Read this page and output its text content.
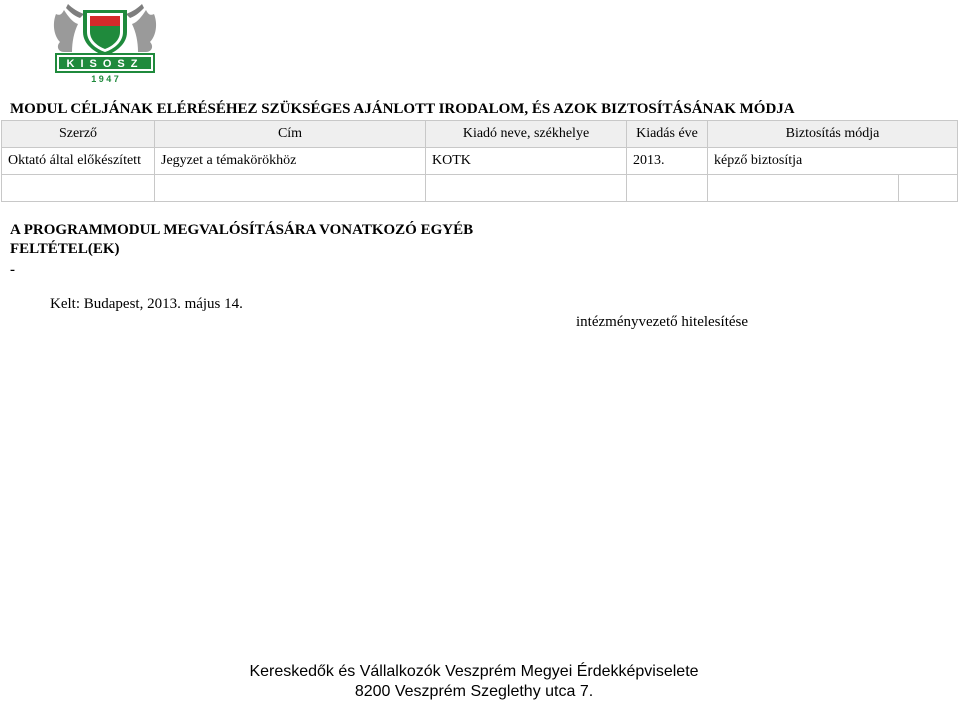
KISOSZ
1 9 4 7
MODUL CÉLJÁNAK ELÉRÉSÉHEZ SZÜKSÉGES AJÁNLOTT IRODALOM, ÉS AZOK BIZTOSÍTÁSÁNAK MÓDJA
Szerző	Cím	Kiadó neve, székhelye	Kiadás éve	Biztosítás módja	
Oktató által előkészített	Jegyzet a témakörökhöz	KOTK	2013.	képző biztosítja	

A PROGRAMMODUL MEGVALÓSÍTÁSÁRA VONATKOZÓ EGYÉB
FELTÉTEL(EK)
-
Kelt: Budapest, 2013. május 14.
intézményvezető hitelesítése
Kereskedők és Vállalkozók Veszprém Megyei Érdekképviselete
8200 Veszprém Szeglethy utca 7.
